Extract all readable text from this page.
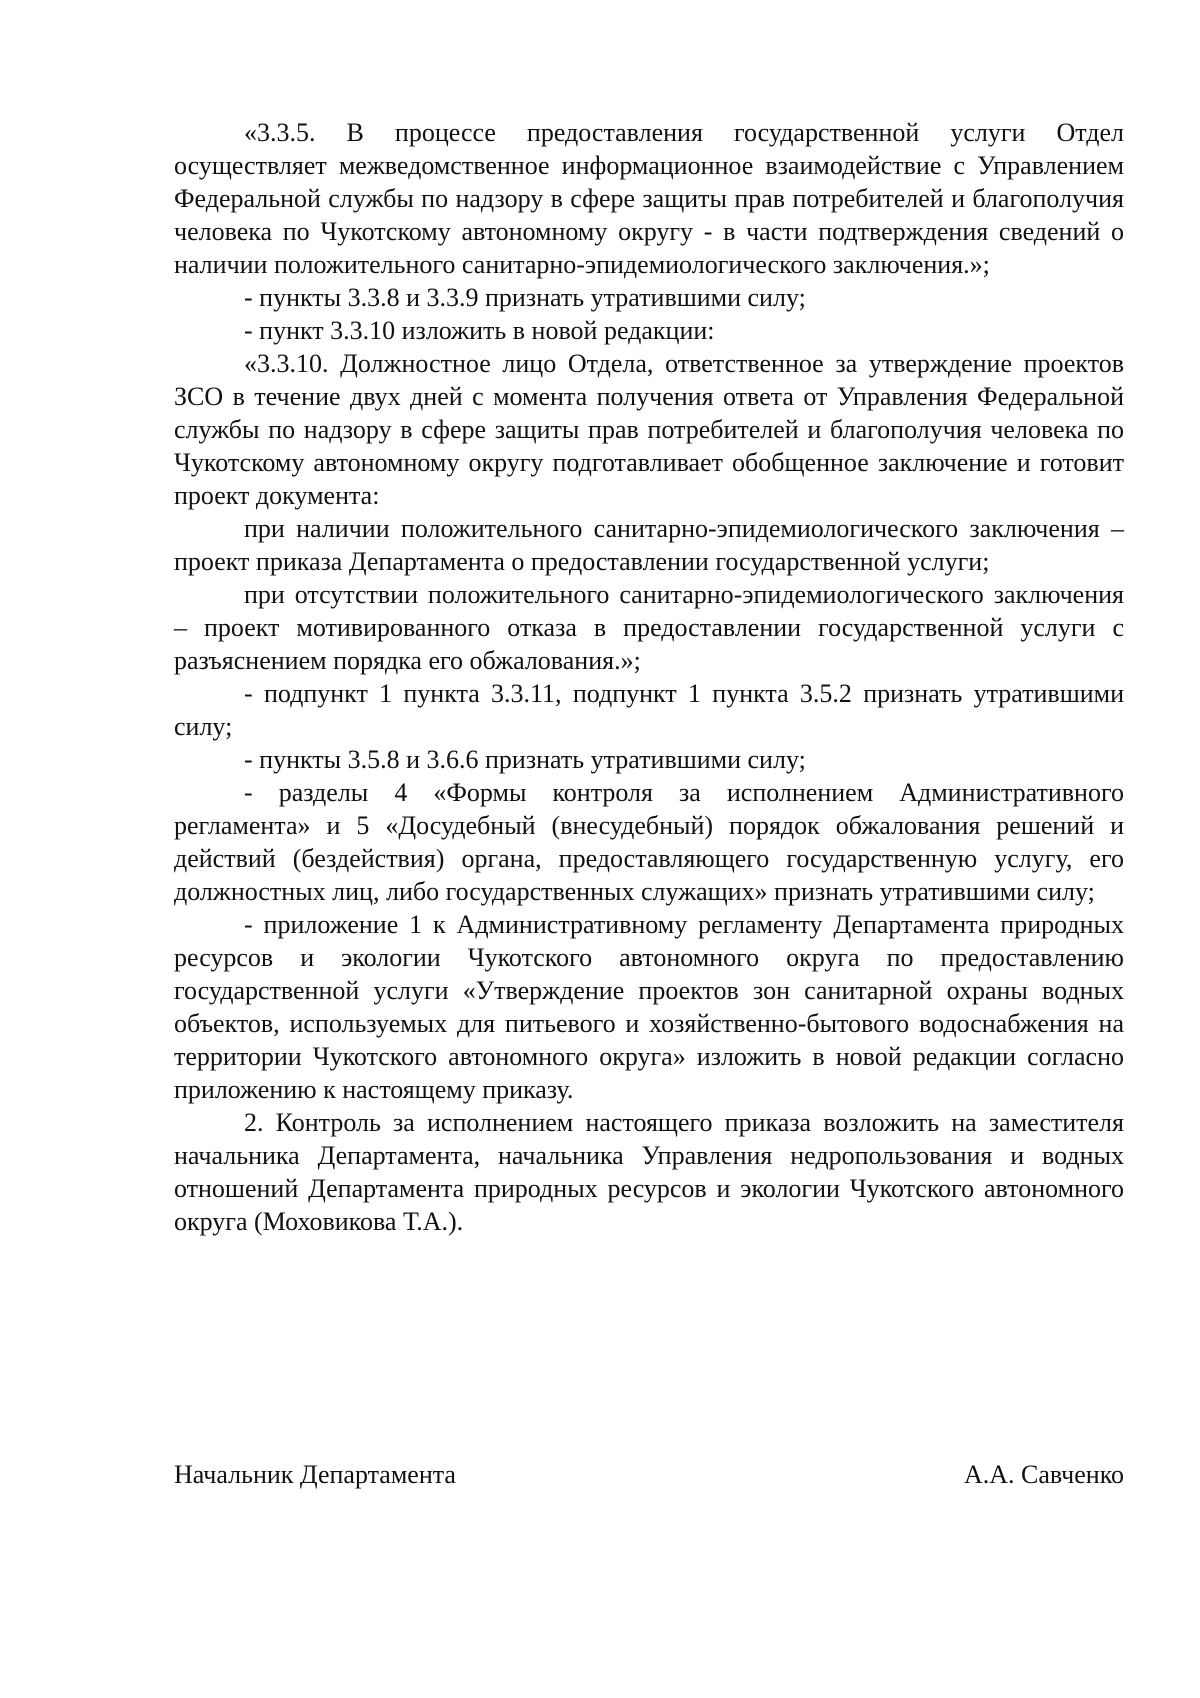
«3.3.5. В процессе предоставления государственной услуги Отдел осуществляет межведомственное информационное взаимодействие с Управлением Федеральной службы по надзору в сфере защиты прав потребителей и благополучия человека по Чукотскому автономному округу - в части подтверждения сведений о наличии положительного санитарно-эпидемиологического заключения.»;

- пункты 3.3.8 и 3.3.9 признать утратившими силу;

- пункт 3.3.10 изложить в новой редакции:

«3.3.10. Должностное лицо Отдела, ответственное за утверждение проектов ЗСО в течение двух дней с момента получения ответа от Управления Федеральной службы по надзору в сфере защиты прав потребителей и благополучия человека по Чукотскому автономному округу подготавливает обобщенное заключение и готовит проект документа:

при наличии положительного санитарно-эпидемиологического заключения – проект приказа Департамента о предоставлении государственной услуги;

при отсутствии положительного санитарно-эпидемиологического заключения – проект мотивированного отказа в предоставлении государственной услуги с разъяснением порядка его обжалования.»;

- подпункт 1 пункта 3.3.11, подпункт 1 пункта 3.5.2 признать утратившими силу;

- пункты 3.5.8 и 3.6.6 признать утратившими силу;

- разделы 4 «Формы контроля за исполнением Административного регламента» и 5 «Досудебный (внесудебный) порядок обжалования решений и действий (бездействия) органа, предоставляющего государственную услугу, его должностных лиц, либо государственных служащих» признать утратившими силу;

- приложение 1 к Административному регламенту Департамента природных ресурсов и экологии Чукотского автономного округа по предоставлению государственной услуги «Утверждение проектов зон санитарной охраны водных объектов, используемых для питьевого и хозяйственно-бытового водоснабжения на территории Чукотского автономного округа» изложить в новой редакции согласно приложению к настоящему приказу.

2. Контроль за исполнением настоящего приказа возложить на заместителя начальника Департамента, начальника Управления недропользования и водных отношений Департамента природных ресурсов и экологии Чукотского автономного округа (Моховикова Т.А.).

Начальник Департамента	А.А. Савченко
